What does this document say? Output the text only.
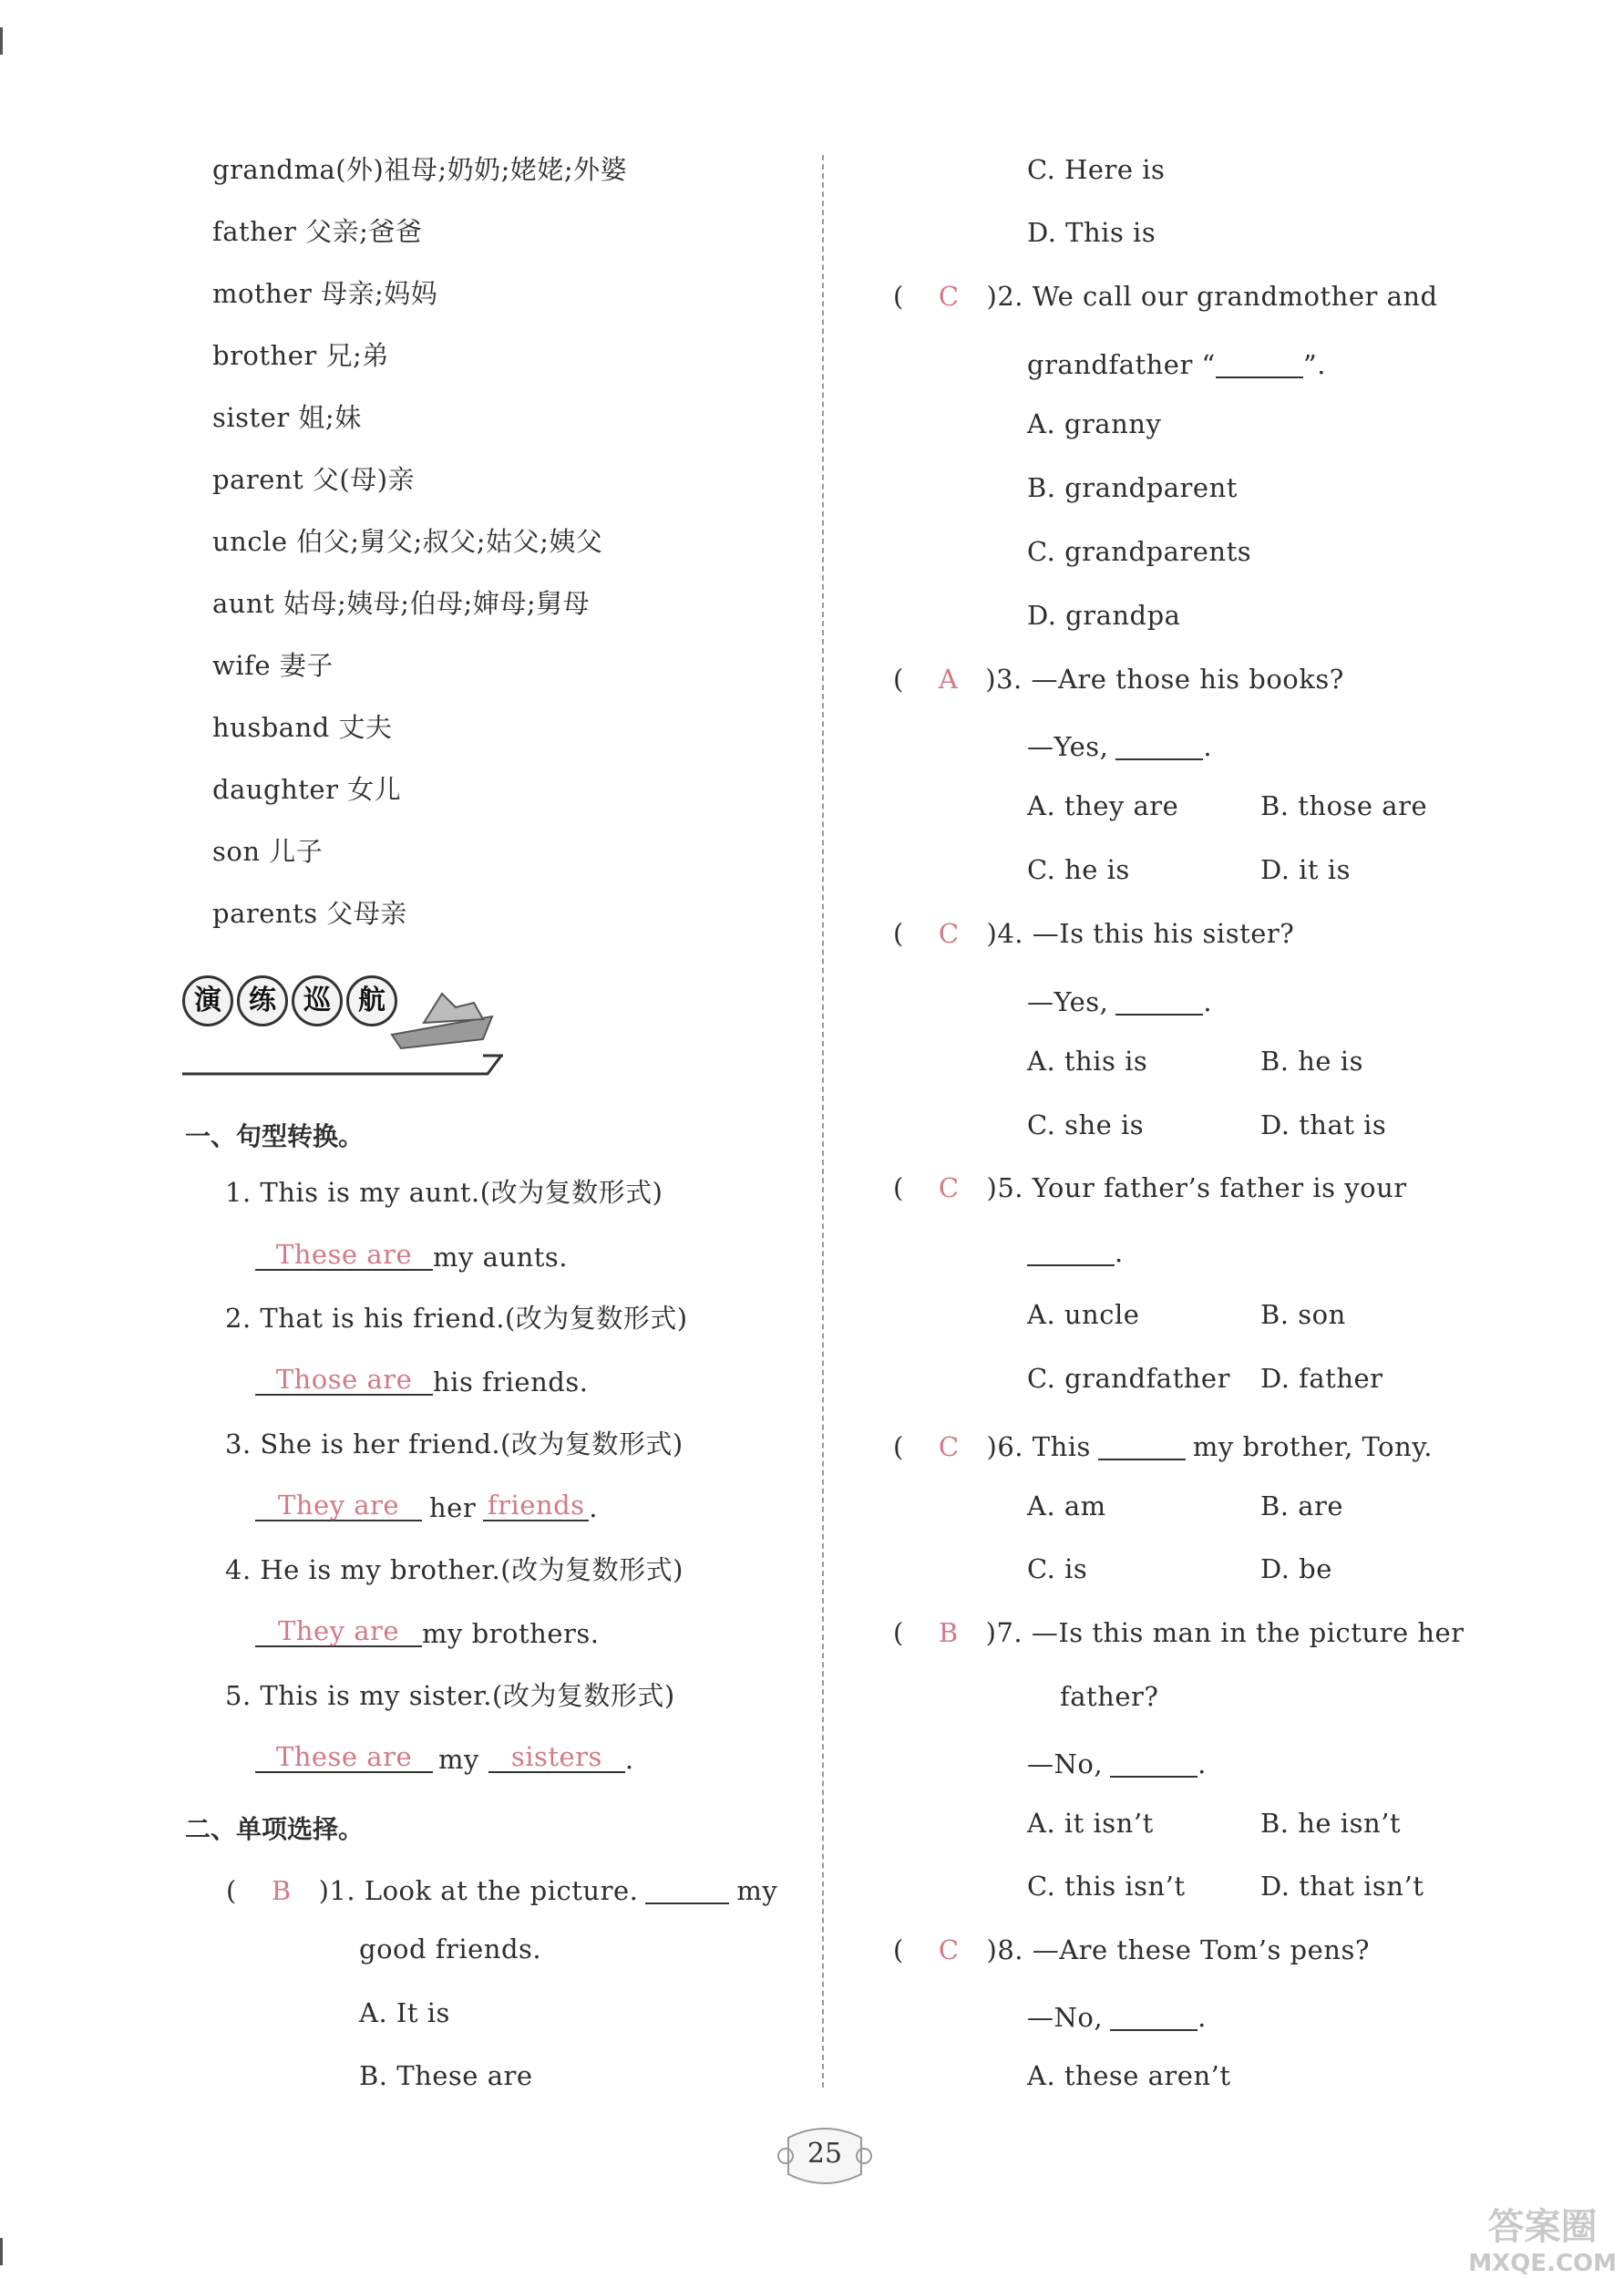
grandma(外)祖母;奶奶;姥姥;外婆
father 父亲;爸爸
mother 母亲;妈妈
brother 兄;弟
sister 姐;妹
parent 父(母)亲
uncle 伯父;舅父;叔父;姑父;姨父
aunt 姑母;姨母;伯母;婶母;舅母
wife 妻子
husband 丈夫
daughter 女儿
son 儿子
parents 父母亲
演 练 巡 航
一、句型转换。
1. This is my aunt.(改为复数形式)
These are my aunts.
2. That is his friend.(改为复数形式)
Those are his friends.
3. She is her friend.(改为复数形式)
They are her friends .
4. He is my brother.(改为复数形式)
They are my brothers.
5. This is my sister.(改为复数形式)
These are my sisters .
二、单项选择。
( B )1. Look at the picture.	my
good friends.
A. It is
B. These are
C. Here is
D. This is
( C )2. We call our grandmother and
grandfather “	”.
A. granny
B. grandparent
C. grandparents
D. grandpa
( A )3. —Are those his books?
—Yes,	.
A. they are	B. those are
C. he is	D. it is
( C )4. —Is this his sister?
—Yes,	.
A. this is	B. he is
C. she is	D. that is
( C )5. Your father’s father is your
.
A. uncle	B. son
C. grandfather D. father
( C )6. This	my brother, Tony.
A. am	B. are
C. is	D. be
( B )7. —Is this man in the picture her
father?
—No,	.
A. it isn’t	B. he isn’t
C. this isn’t	D. that isn’t
( C )8. —Are these Tom’s pens?
—No,	.
A. these aren’t
25
答案圈
MXQE.COM
